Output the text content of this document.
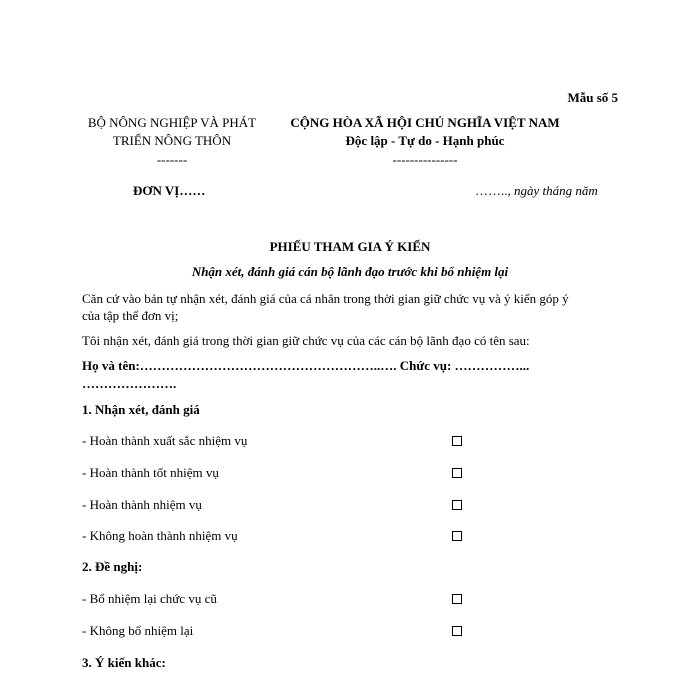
Mẫu số 5
BỘ NÔNG NGHIỆP VÀ PHÁT
TRIỂN NÔNG THÔN
-------
CỘNG HÒA XÃ HỘI CHỦ NGHĨA VIỆT NAM
Độc lập - Tự do - Hạnh phúc
---------------
ĐƠN VỊ……	…….., ngày tháng năm
PHIẾU THAM GIA Ý KIẾN
Nhận xét, đánh giá cán bộ lãnh đạo trước khi bổ nhiệm lại
Căn cứ vào bản tự nhận xét, đánh giá của cá nhân trong thời gian giữ chức vụ và ý kiến góp ý
của tập thể đơn vị;
Tôi nhận xét, đánh giá trong thời gian giữ chức vụ của các cán bộ lãnh đạo có tên sau:
Họ và tên:………………………………………………..…. Chức vụ: ……………...
………………….
1. Nhận xét, đánh giá
- Hoàn thành xuất sắc nhiệm vụ
- Hoàn thành tốt nhiệm vụ
- Hoàn thành nhiệm vụ
- Không hoàn thành nhiệm vụ
2. Đề nghị:
- Bổ nhiệm lại chức vụ cũ
- Không bổ nhiệm lại
3. Ý kiến khác:
